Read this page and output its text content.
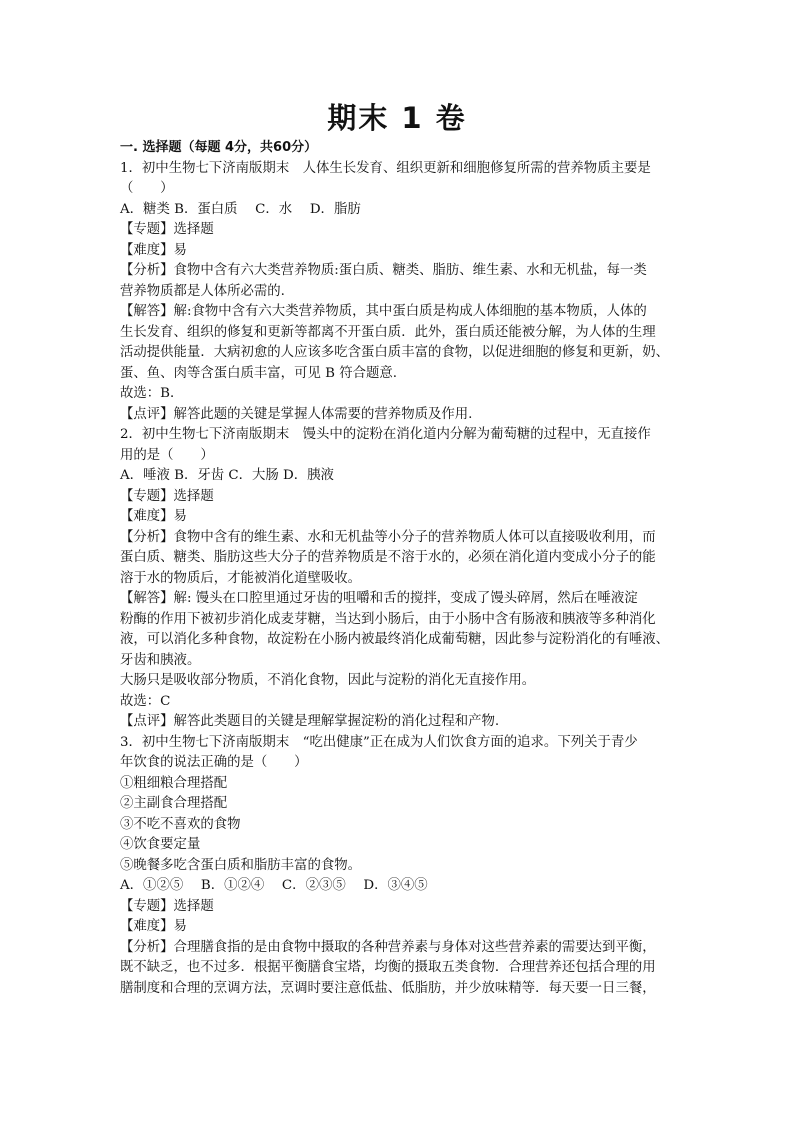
期末 1 卷

一. 选择题（每题 4分，共60分）

1．初中生物七下济南版期末　人体生长发育、组织更新和细胞修复所需的营养物质主要是

（　　）

A．糖类 B．蛋白质　 C．水　 D．脂肪

【专题】选择题

【难度】易

【分析】食物中含有六大类营养物质:蛋白质、糖类、脂肪、维生素、水和无机盐，每一类

营养物质都是人体所必需的.

【解答】解:食物中含有六大类营养物质，其中蛋白质是构成人体细胞的基本物质，人体的

生长发育、组织的修复和更新等都离不开蛋白质．此外，蛋白质还能被分解，为人体的生理

活动提供能量．大病初愈的人应该多吃含蛋白质丰富的食物，以促进细胞的修复和更新，奶、

蛋、鱼、肉等含蛋白质丰富，可见 B 符合题意.

故选：B．

【点评】解答此题的关键是掌握人体需要的营养物质及作用.

2．初中生物七下济南版期末　馒头中的淀粉在消化道内分解为葡萄糖的过程中，无直接作

用的是（　　）

A．唾液 B．牙齿 C．大肠 D．胰液

【专题】选择题

【难度】易

【分析】食物中含有的维生素、水和无机盐等小分子的营养物质人体可以直接吸收利用，而

蛋白质、糖类、脂肪这些大分子的营养物质是不溶于水的，必须在消化道内变成小分子的能

溶于水的物质后，才能被消化道壁吸收。

【解答】解: 馒头在口腔里通过牙齿的咀嚼和舌的搅拌，变成了馒头碎屑，然后在唾液淀

粉酶的作用下被初步消化成麦芽糖，当达到小肠后，由于小肠中含有肠液和胰液等多种消化

液，可以消化多种食物，故淀粉在小肠内被最终消化成葡萄糖，因此参与淀粉消化的有唾液、

牙齿和胰液。

大肠只是吸收部分物质，不消化食物，因此与淀粉的消化无直接作用。

故选：C

【点评】解答此类题目的关键是理解掌握淀粉的消化过程和产物.

3．初中生物七下济南版期末　“吃出健康”正在成为人们饮食方面的追求。下列关于青少

年饮食的说法正确的是（　　）

①粗细粮合理搭配

②主副食合理搭配

③不吃不喜欢的食物

④饮食要定量

⑤晚餐多吃含蛋白质和脂肪丰富的食物。

A．①②⑤　 B．①②④　 C．②③⑤　 D．③④⑤

【专题】选择题

【难度】易

【分析】合理膳食指的是由食物中摄取的各种营养素与身体对这些营养素的需要达到平衡，

既不缺乏，也不过多．根据平衡膳食宝塔，均衡的摄取五类食物．合理营养还包括合理的用

膳制度和合理的烹调方法，烹调时要注意低盐、低脂肪，并少放味精等．每天要一日三餐，
